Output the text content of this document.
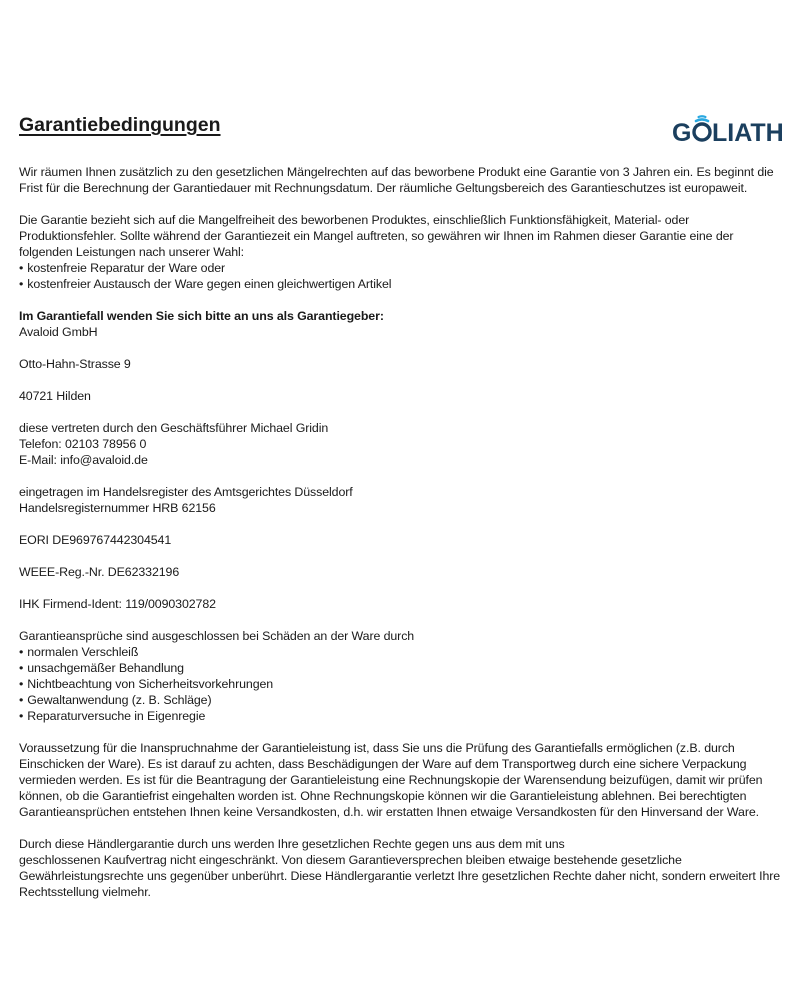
Garantiebedingungen	G LIATH

Wir räumen Ihnen zusätzlich zu den gesetzlichen Mängelrechten auf das beworbene Produkt eine Garantie von 3 Jahren ein. Es beginnt die Frist für die Berechnung der Garantiedauer mit Rechnungsdatum. Der räumliche Geltungsbereich des Garantieschutzes ist europaweit.

Die Garantie bezieht sich auf die Mangelfreiheit des beworbenen Produktes, einschließlich Funktionsfähigkeit, Material- oder Produktionsfehler. Sollte während der Garantiezeit ein Mangel auftreten, so gewähren wir Ihnen im Rahmen dieser Garantie eine der folgenden Leistungen nach unserer Wahl:

• kostenfreie Reparatur der Ware oder
• kostenfreier Austausch der Ware gegen einen gleichwertigen Artikel

Im Garantiefall wenden Sie sich bitte an uns als Garantiegeber:

Avaloid GmbH

Otto-Hahn-Strasse 9

40721 Hilden

diese vertreten durch den Geschäftsführer Michael Gridin
Telefon: 02103 78956 0
E-Mail: info@avaloid.de

eingetragen im Handelsregister des Amtsgerichtes Düsseldorf
Handelsregisternummer HRB 62156

EORI DE969767442304541

WEEE-Reg.-Nr. DE62332196

IHK Firmend-Ident: 119/0090302782

Garantieansprüche sind ausgeschlossen bei Schäden an der Ware durch

• normalen Verschleiß
• unsachgemäßer Behandlung
• Nichtbeachtung von Sicherheitsvorkehrungen
• Gewaltanwendung (z. B. Schläge)
• Reparaturversuche in Eigenregie

Voraussetzung für die Inanspruchnahme der Garantieleistung ist, dass Sie uns die Prüfung des Garantiefalls ermöglichen (z.B. durch Einschicken der Ware). Es ist darauf zu achten, dass Beschädigungen der Ware auf dem Transportweg durch eine sichere Verpackung vermieden werden. Es ist für die Beantragung der Garantieleistung eine Rechnungskopie der Warensendung beizufügen, damit wir prüfen können, ob die Garantiefrist eingehalten worden ist. Ohne Rechnungskopie können wir die Garantieleistung ablehnen. Bei berechtigten Garantieansprüchen entstehen Ihnen keine Versandkosten, d.h. wir erstatten Ihnen etwaige Versandkosten für den Hinversand der Ware.

Durch diese Händlergarantie durch uns werden Ihre gesetzlichen Rechte gegen uns aus dem mit uns
geschlossenen Kaufvertrag nicht eingeschränkt. Von diesem Garantieversprechen bleiben etwaige bestehende gesetzliche Gewährleistungsrechte uns gegenüber unberührt. Diese Händlergarantie verletzt Ihre gesetzlichen Rechte daher nicht, sondern erweitert Ihre Rechtsstellung vielmehr.
